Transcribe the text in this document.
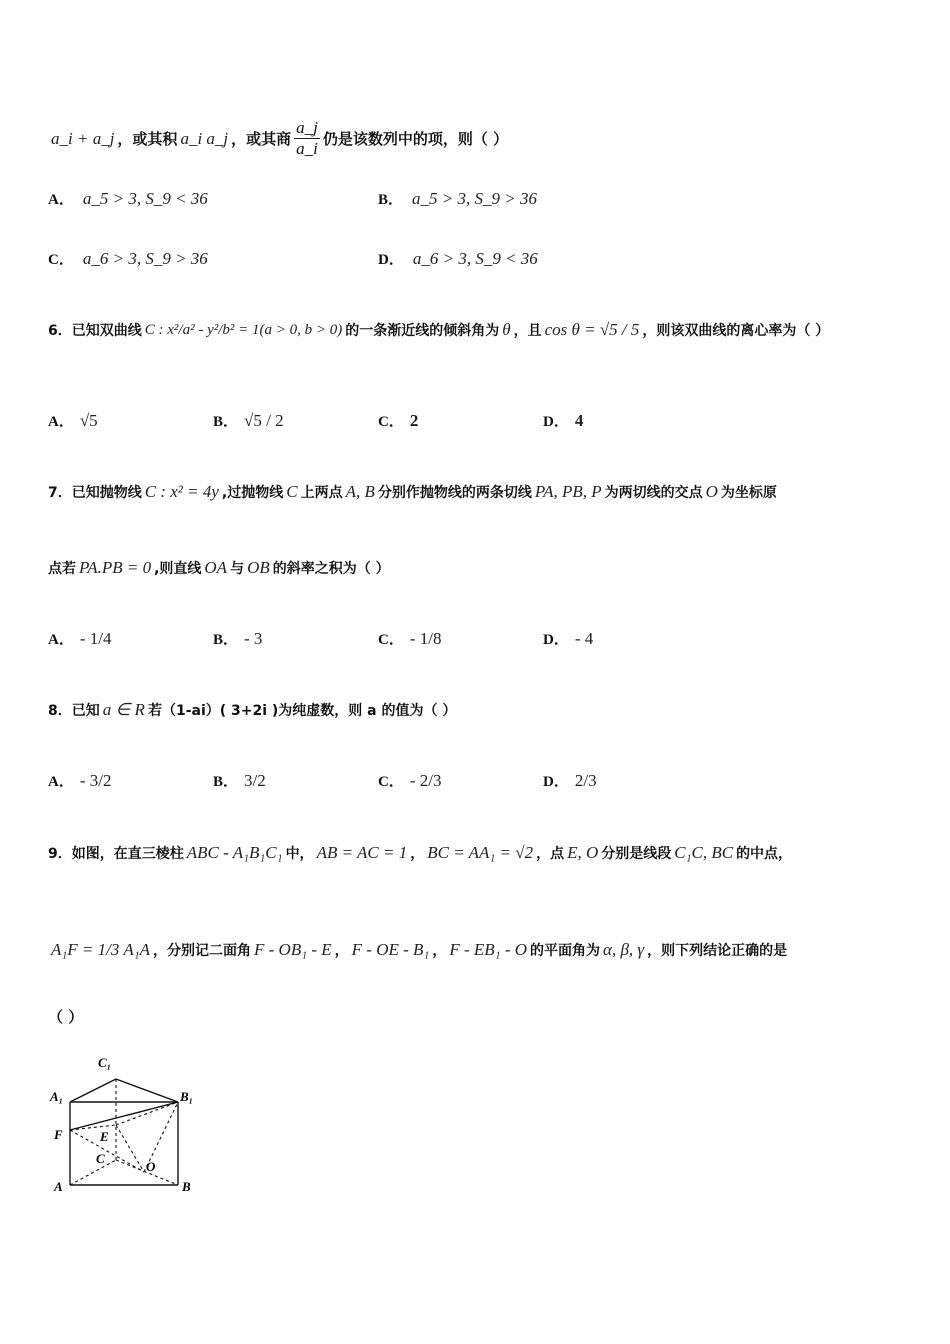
a_i + a_j ，或其积 a_i a_j ，或其商 $\frac{a\_j}{a\_i}$ 仍是该数列中的项，则（ ）
A． a_5 > 3, S_9 < 36	B． a_5 > 3, S_9 > 36
C． a_6 > 3, S_9 > 36	D． a_6 > 3, S_9 < 36
6． 已知双曲线 C : x²/a² - y²/b² = 1(a > 0, b > 0) 的一条渐近线的倾斜角为 θ ，且 cos θ = √5 / 5 ，则该双曲线的离心率为（ ）
A． √5	B． √5 / 2	C． 2	D． 4
7． 已知抛物线 C : x² = 4y ,过抛物线 C 上两点 A, B 分别作抛物线的两条切线 PA, PB, P 为两切线的交点 O 为坐标原
点若 PA.PB = 0 ,则直线 OA 与 OB 的斜率之积为（ ）
A． - 1/4	B． - 3	C． - 1/8	D． - 4
8． 已知 a ∈ R 若（1-ai）( 3+2i )为纯虚数，则 a 的值为（ ）
A． - 3/2	B． 3/2	C． - 2/3	D． 2/3
9． 如图，在直三棱柱 ABC - A₁B₁C₁ 中， AB = AC = 1 ， BC = AA₁ = √2 ，点 E, O 分别是线段 C₁C, BC 的中点，
A₁F = 1/3 A₁A ，分别记二面角 F - OB₁ - E ， F - OE - B₁ ， F - EB₁ - O 的平面角为 α, β, γ ，则下列结论正确的是
（ ）
C₁
A₁	B₁
F	E
C
O
A	B
